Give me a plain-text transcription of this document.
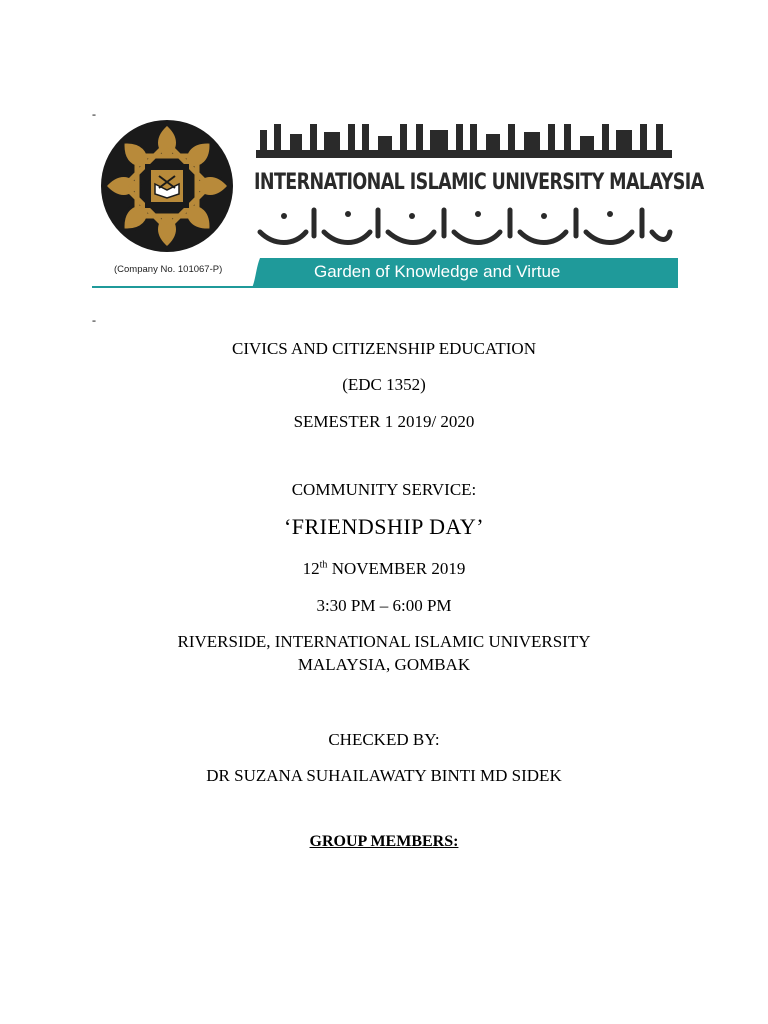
-
INTERNATIONAL ISLAMIC UNIVERSITY MALAYSIA
(Company No. 101067-P)	Garden of Knowledge and Virtue
-
CIVICS AND CITIZENSHIP EDUCATION
(EDC 1352)
SEMESTER 1 2019/ 2020
COMMUNITY SERVICE:
‘FRIENDSHIP DAY’
12th NOVEMBER 2019
3:30 PM – 6:00 PM
RIVERSIDE, INTERNATIONAL ISLAMIC UNIVERSITY
MALAYSIA, GOMBAK
CHECKED BY:
DR SUZANA SUHAILAWATY BINTI MD SIDEK
GROUP MEMBERS:
